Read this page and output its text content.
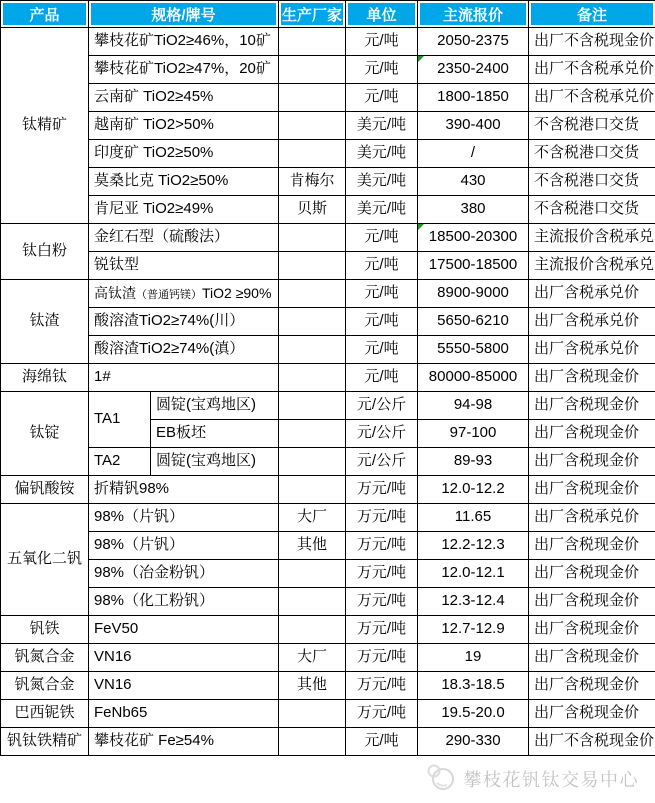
产品	规格/牌号		生产厂家	单位	主流报价	备注
钛精矿	攀枝花矿TiO2≥46%，10矿			元/吨	2050-2375	出厂不含税现金价
	攀枝花矿TiO2≥47%，20矿			元/吨	2350-2400	出厂不含税承兑价
	云南矿 TiO2≥45%			元/吨	1800-1850	出厂不含税承兑价
	越南矿 TiO2>50%			美元/吨	390-400	不含税港口交货
	印度矿 TiO2≥50%			美元/吨	/	不含税港口交货
	莫桑比克 TiO2≥50%		肯梅尔	美元/吨	430	不含税港口交货
	肯尼亚 TiO2≥49%		贝斯	美元/吨	380	不含税港口交货
钛白粉	金红石型（硫酸法）			元/吨	18500-20300	主流报价含税承兑
	锐钛型			元/吨	17500-18500	主流报价含税承兑
钛渣	高钛渣（普通钙镁）TiO2 ≥90%			元/吨	8900-9000	出厂含税承兑价
	酸溶渣TiO2≥74%(川）			元/吨	5650-6210	出厂含税承兑价
	酸溶渣TiO2≥74%(滇）			元/吨	5550-5800	出厂含税承兑价
海绵钛	1#			元/吨	80000-85000	出厂含税现金价
钛锭	TA1	圆锭(宝鸡地区)		元/公斤	94-98	出厂含税现金价
		EB板坯		元/公斤	97-100	出厂含税现金价
	TA2	圆锭(宝鸡地区)		元/公斤	89-93	出厂含税现金价
偏钒酸铵	折精钒98%			万元/吨	12.0-12.2	出厂含税现金价
五氧化二钒	98%（片钒）		大厂	万元/吨	11.65	出厂含税承兑价
	98%（片钒）		其他	万元/吨	12.2-12.3	出厂含税现金价
	98%（冶金粉钒）			万元/吨	12.0-12.1	出厂含税现金价
	98%（化工粉钒）			万元/吨	12.3-12.4	出厂含税现金价
钒铁	FeV50			万元/吨	12.7-12.9	出厂含税现金价
钒氮合金	VN16		大厂	万元/吨	19	出厂含税现金价
钒氮合金	VN16		其他	万元/吨	18.3-18.5	出厂含税现金价
巴西铌铁	FeNb65			万元/吨	19.5-20.0	出厂含税现金价
钒钛铁精矿	攀枝花矿 Fe≥54%			元/吨	290-330	出厂不含税现金价
攀枝花钒钛交易中心
